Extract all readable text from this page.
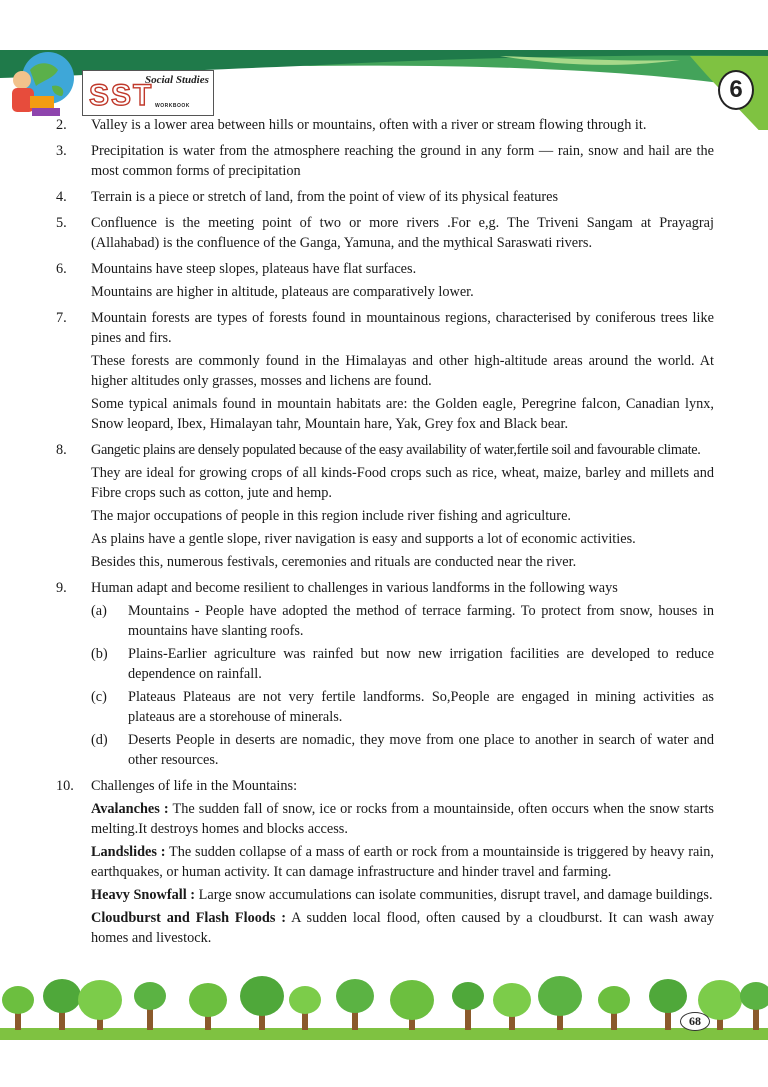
SST
Social Studies
WORKBOOK
6
2.	Valley is a lower area between hills or mountains, often with a river or stream flowing through it.

3.	Precipitation is water from the atmosphere reaching the ground in any form — rain, snow and hail are the most common forms of precipitation

4.	Terrain is a piece or stretch of land, from the point of view of its physical features

5.	Confluence is the meeting point of two or more rivers .For e,g. The Triveni Sangam at Prayagraj (Allahabad) is the confluence of the Ganga, Yamuna, and the mythical Saraswati rivers.

6.	Mountains have steep slopes, plateaus have flat surfaces.

Mountains are higher in altitude, plateaus are comparatively lower.

7.	Mountain forests are types of forests found in mountainous regions, characterised by coniferous trees like pines and firs.

These forests are commonly found in the Himalayas and other high-altitude areas around the world. At higher altitudes only grasses, mosses and lichens are found.

Some typical animals found in mountain habitats are: the Golden eagle, Peregrine falcon, Canadian lynx, Snow leopard, Ibex, Himalayan tahr, Mountain hare, Yak, Grey fox and Black bear.

8.	Gangetic plains are densely populated because of the easy availability of water,fertile soil and favourable climate.

They are ideal for growing crops of all kinds-Food crops such as rice, wheat, maize, barley and millets and Fibre crops such as cotton, jute and hemp.

The major occupations of people in this region include river fishing and agriculture.

As plains have a gentle slope, river navigation is easy and supports a lot of economic activities.

Besides this, numerous festivals, ceremonies and rituals are conducted near the river.

9.	Human adapt and become resilient to challenges in various landforms in the following ways

(a)	Mountains - People have adopted the method of terrace farming. To protect from snow, houses in mountains have slanting roofs.
(b)	Plains-Earlier agriculture was rainfed but now new irrigation facilities are developed to reduce dependence on rainfall.
(c)	Plateaus Plateaus are not very fertile landforms. So,People are engaged in mining activities as plateaus are a storehouse of minerals.
(d)	Deserts People in deserts are nomadic, they move from one place to another in search of water and other resources.
10.	Challenges of life in the Mountains:

Avalanches : The sudden fall of snow, ice or rocks from a mountainside, often occurs when the snow starts melting.It destroys homes and blocks access.

Landslides : The sudden collapse of a mass of earth or rock from a mountainside is triggered by heavy rain, earthquakes, or human activity. It can damage infrastructure and hinder travel and farming.

Heavy Snowfall : Large snow accumulations can isolate communities, disrupt travel, and damage buildings.

Cloudburst and Flash Floods : A sudden local flood, often caused by a cloudburst. It can wash away homes and livestock.

68
